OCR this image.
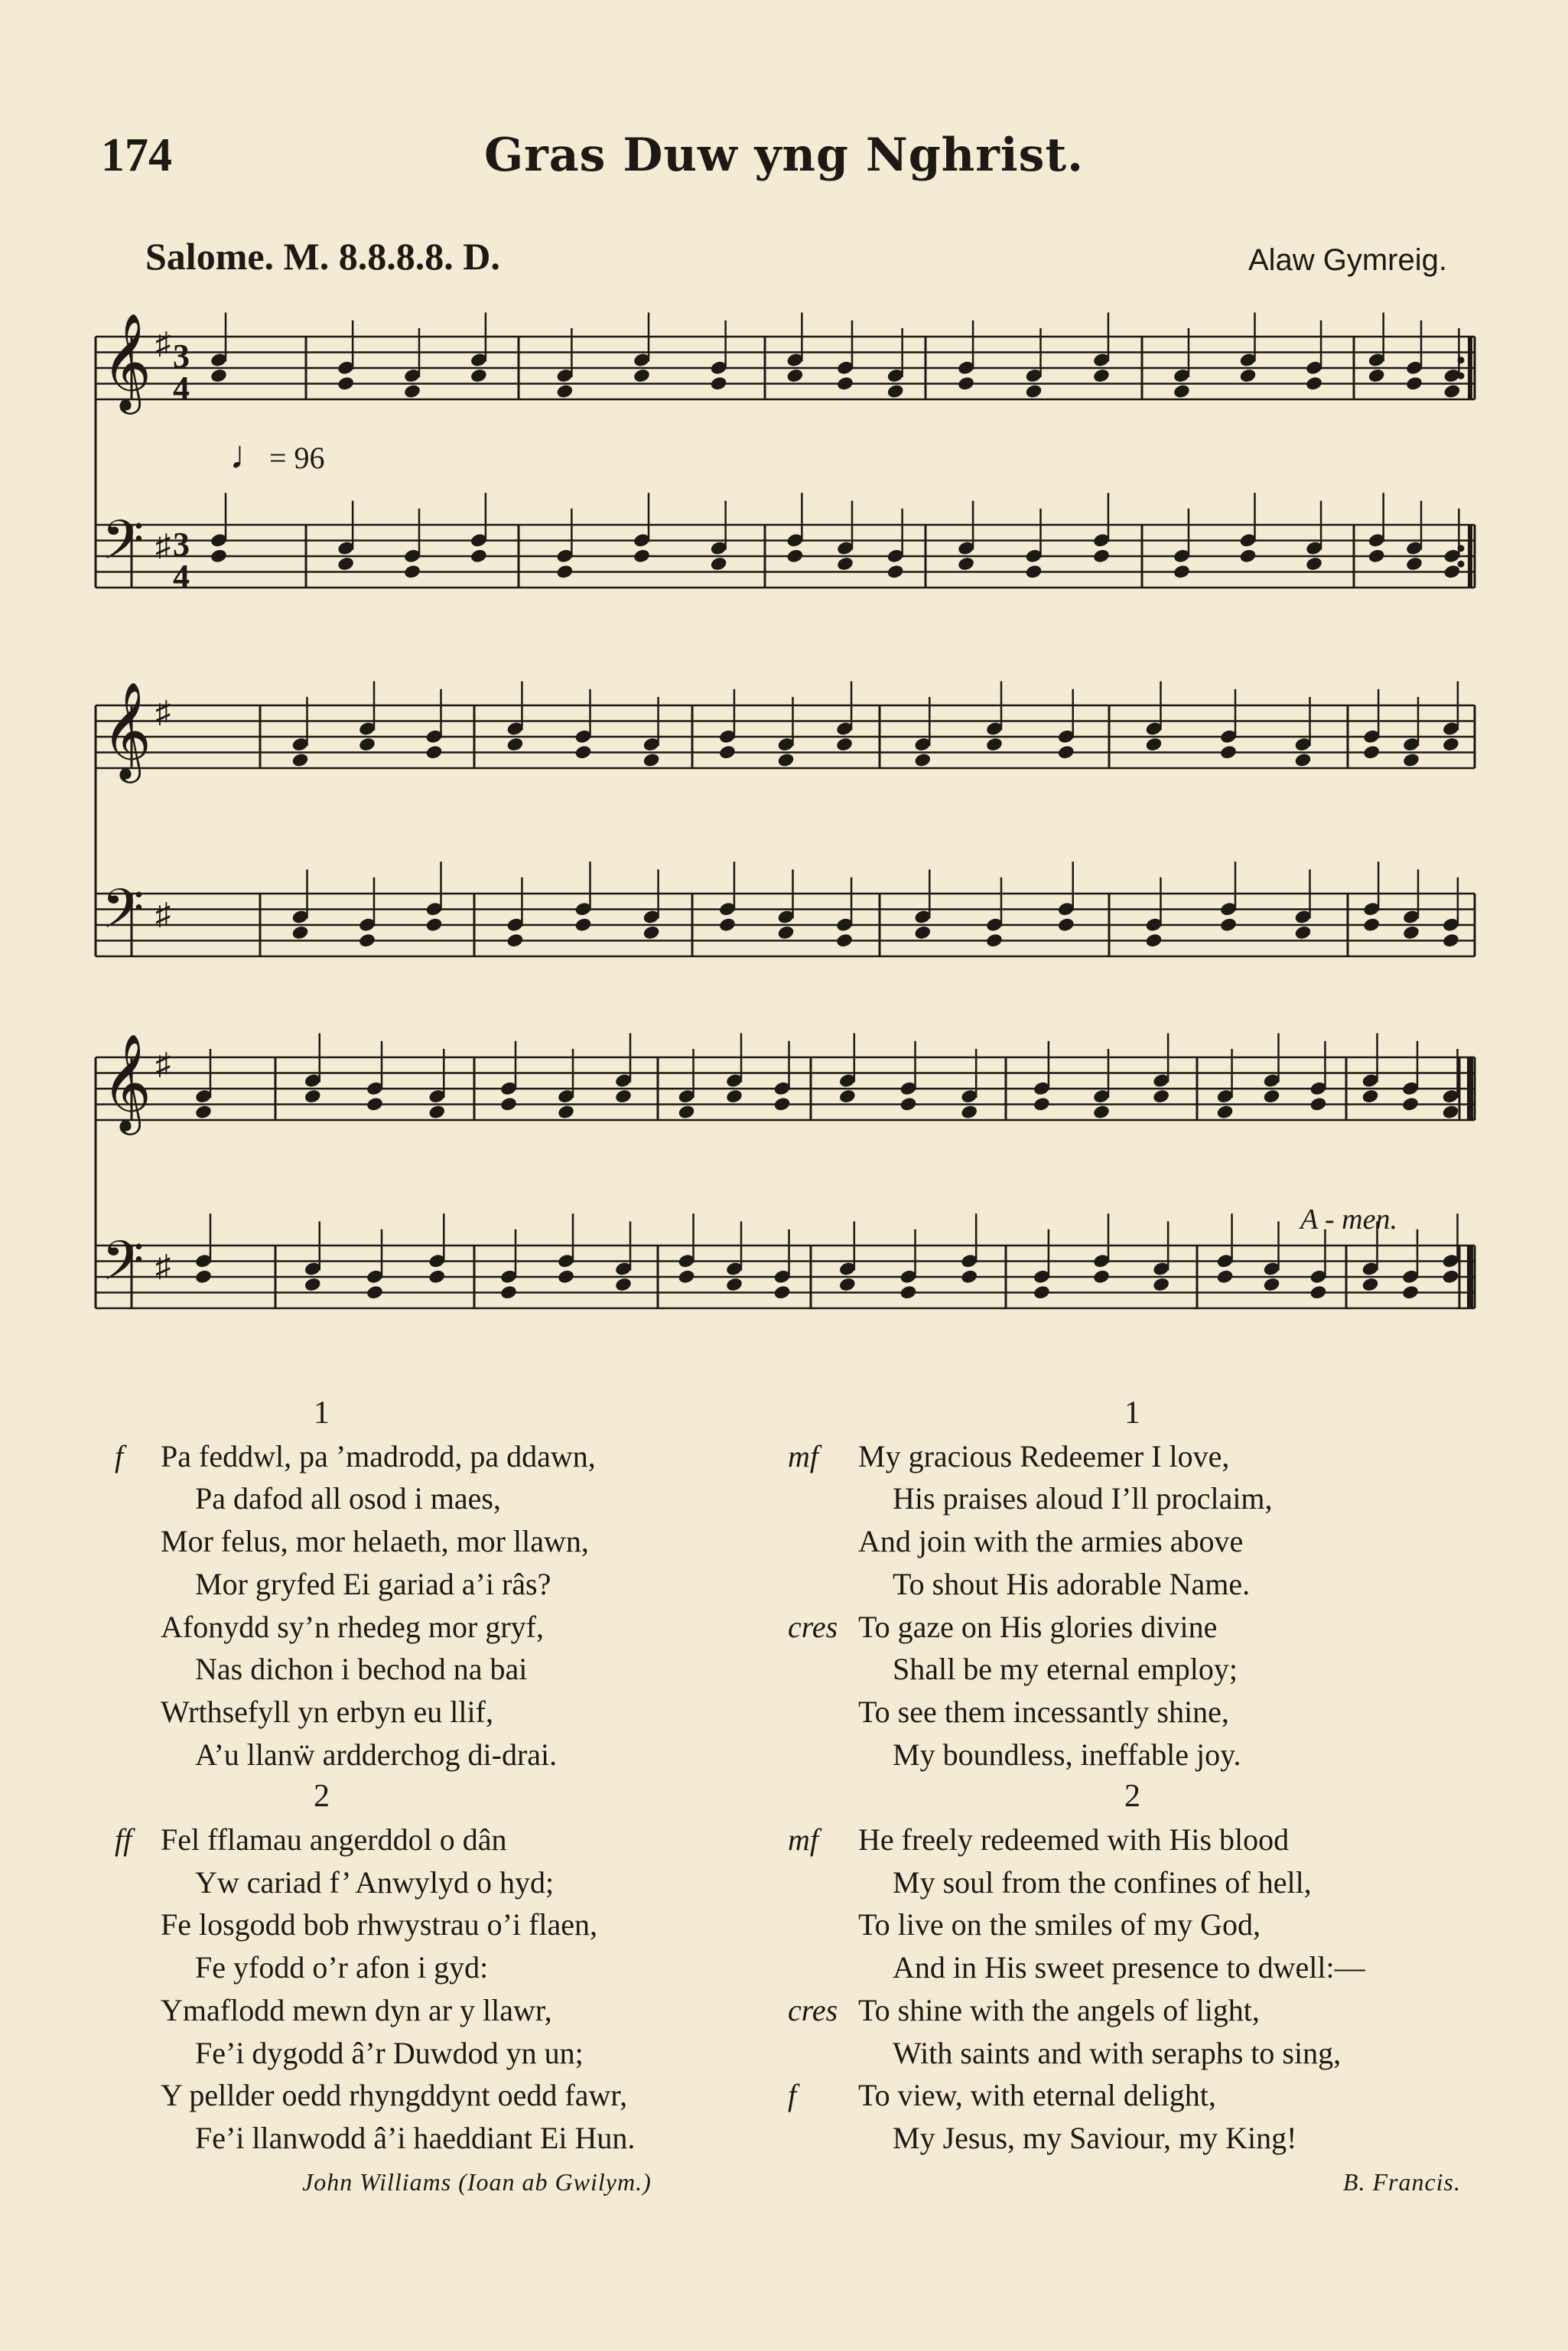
174	Gras Duw yng Nghrist.
Salome. M. 8.8.8.8. D.	Alaw Gymreig.
♩= 96
𝄞 ♯
𝄢 ♯
𝄞 ♯
𝄢 ♯
𝄞 ♯
𝄢 ♯
3
4
3
4
A - men.
1
f Pa feddwl, pa ’madrodd, pa ddawn,
Pa dafod all osod i maes,
Mor felus, mor helaeth, mor llawn,
Mor gryfed Ei gariad a’i râs?
Afonydd sy’n rhedeg mor gryf,
Nas dichon i bechod na bai
Wrthsefyll yn erbyn eu llif,
A’u llanẅ ardderchog di-drai.
2
ff Fel fflamau angerddol o dân
Yw cariad f’ Anwylyd o hyd;
Fe losgodd bob rhwystrau o’i flaen,
Fe yfodd o’r afon i gyd:
Ymaflodd mewn dyn ar y llawr,
Fe’i dygodd â’r Duwdod yn un;
Y pellder oedd rhyngddynt oedd fawr,
Fe’i llanwodd â’i haeddiant Ei Hun.
John Williams (Ioan ab Gwilym.)
1
mf My gracious Redeemer I love,
His praises aloud I’ll proclaim,
And join with the armies above
To shout His adorable Name.
cres To gaze on His glories divine
Shall be my eternal employ;
To see them incessantly shine,
My boundless, ineffable joy.
2
mf He freely redeemed with His blood
My soul from the confines of hell,
To live on the smiles of my God,
And in His sweet presence to dwell:—
cres To shine with the angels of light,
With saints and with seraphs to sing,
f To view, with eternal delight,
My Jesus, my Saviour, my King!
B. Francis.
